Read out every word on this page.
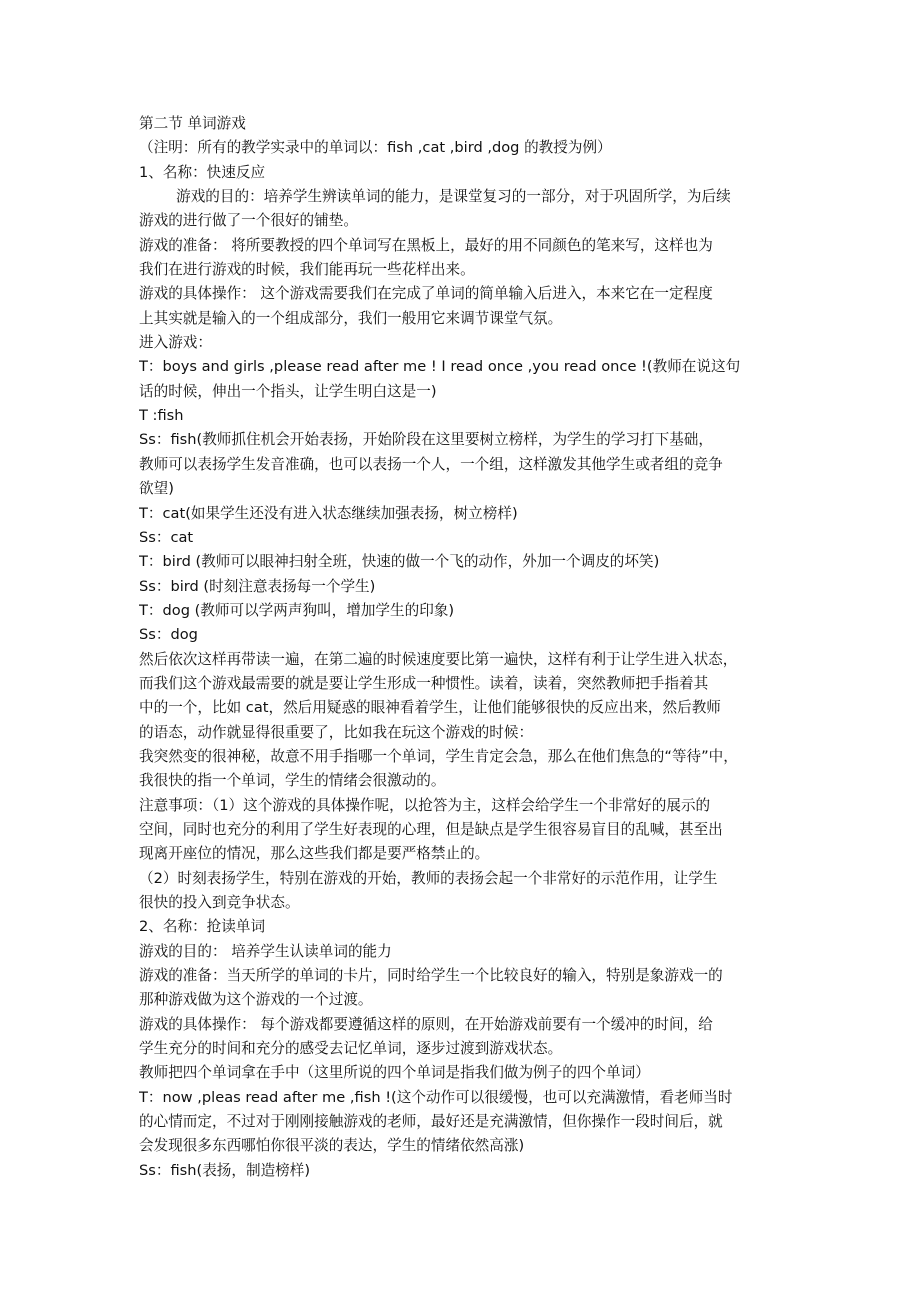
第二节 单词游戏
（注明：所有的教学实录中的单词以：fish ,cat ,bird ,dog 的教授为例）
1、名称：快速反应
游戏的目的：培养学生辨读单词的能力，是课堂复习的一部分，对于巩固所学，为后续
游戏的进行做了一个很好的铺垫。
游戏的准备： 将所要教授的四个单词写在黑板上，最好的用不同颜色的笔来写，这样也为
我们在进行游戏的时候，我们能再玩一些花样出来。
游戏的具体操作： 这个游戏需要我们在完成了单词的简单输入后进入，本来它在一定程度
上其实就是输入的一个组成部分，我们一般用它来调节课堂气氛。
进入游戏：
T：boys and girls ,please read after me ! I read once ,you read once !(教师在说这句
话的时候，伸出一个指头，让学生明白这是一)
T :fish
Ss：fish(教师抓住机会开始表扬，开始阶段在这里要树立榜样，为学生的学习打下基础，
教师可以表扬学生发音准确，也可以表扬一个人，一个组，这样激发其他学生或者组的竞争
欲望)
T：cat(如果学生还没有进入状态继续加强表扬，树立榜样)
Ss：cat
T：bird (教师可以眼神扫射全班，快速的做一个飞的动作，外加一个调皮的坏笑)
Ss：bird (时刻注意表扬每一个学生)
T：dog (教师可以学两声狗叫，增加学生的印象)
Ss：dog
然后依次这样再带读一遍，在第二遍的时候速度要比第一遍快，这样有利于让学生进入状态，
而我们这个游戏最需要的就是要让学生形成一种惯性。读着，读着，突然教师把手指着其
中的一个，比如 cat，然后用疑惑的眼神看着学生，让他们能够很快的反应出来，然后教师
的语态，动作就显得很重要了，比如我在玩这个游戏的时候：
我突然变的很神秘，故意不用手指哪一个单词，学生肯定会急，那么在他们焦急的“等待”中，
我很快的指一个单词，学生的情绪会很激动的。
注意事项：（1）这个游戏的具体操作呢，以抢答为主，这样会给学生一个非常好的展示的
空间，同时也充分的利用了学生好表现的心理，但是缺点是学生很容易盲目的乱喊，甚至出
现离开座位的情况，那么这些我们都是要严格禁止的。
（2）时刻表扬学生，特别在游戏的开始，教师的表扬会起一个非常好的示范作用，让学生
很快的投入到竞争状态。
2、名称：抢读单词
游戏的目的： 培养学生认读单词的能力
游戏的准备：当天所学的单词的卡片，同时给学生一个比较良好的输入，特别是象游戏一的
那种游戏做为这个游戏的一个过渡。
游戏的具体操作： 每个游戏都要遵循这样的原则，在开始游戏前要有一个缓冲的时间，给
学生充分的时间和充分的感受去记忆单词，逐步过渡到游戏状态。
教师把四个单词拿在手中（这里所说的四个单词是指我们做为例子的四个单词）
T：now ,pleas read after me ,fish !(这个动作可以很缓慢，也可以充满激情，看老师当时
的心情而定，不过对于刚刚接触游戏的老师，最好还是充满激情，但你操作一段时间后，就
会发现很多东西哪怕你很平淡的表达，学生的情绪依然高涨)
Ss：fish(表扬，制造榜样)
